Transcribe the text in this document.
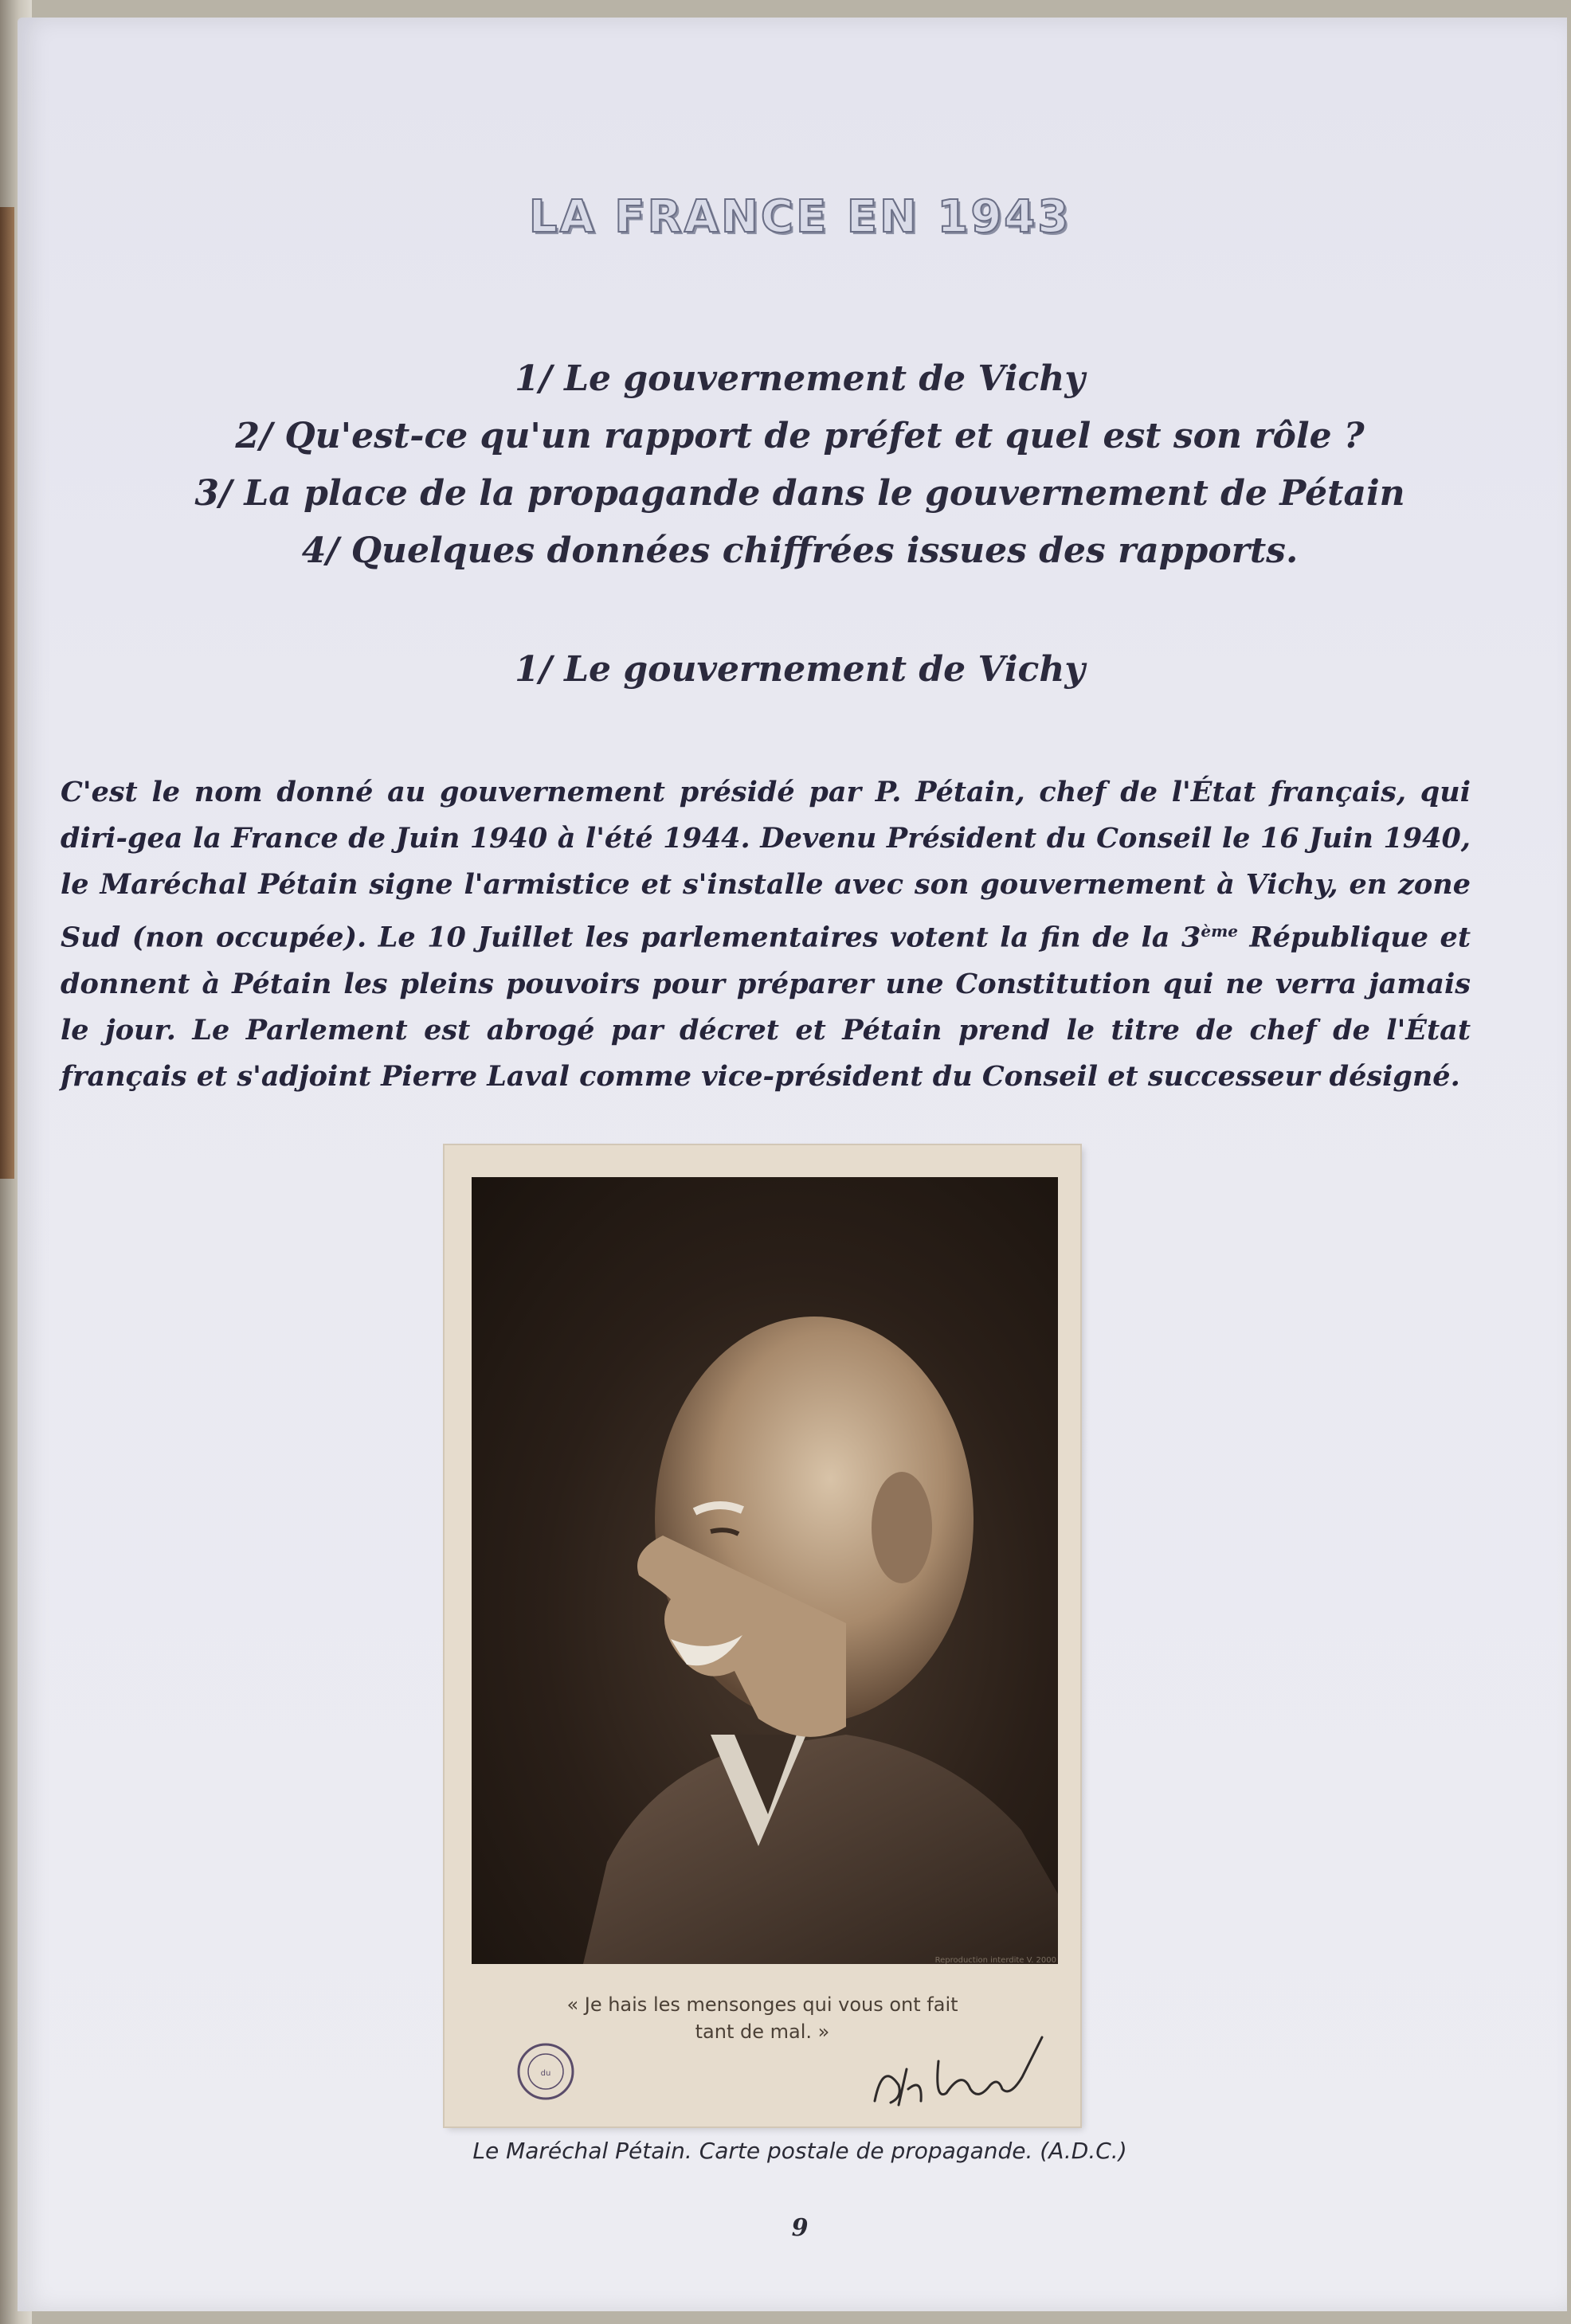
LA FRANCE EN 1943
1/ Le gouvernement de Vichy
2/ Qu'est-ce qu'un rapport de préfet et quel est son rôle ?
3/ La place de la propagande dans le gouvernement de Pétain
4/ Quelques données chiffrées issues des rapports.
1/ Le gouvernement de Vichy
C'est le nom donné au gouvernement présidé par P. Pétain, chef de l'État français, qui diri-gea la France de Juin 1940 à l'été 1944. Devenu Président du Conseil le 16 Juin 1940, le Maréchal Pétain signe l'armistice et s'installe avec son gouvernement à Vichy, en zone Sud (non occupée). Le 10 Juillet les parlementaires votent la fin de la 3ème République et donnent à Pétain les pleins pouvoirs pour préparer une Constitution qui ne verra jamais le jour. Le Parlement est abrogé par décret et Pétain prend le titre de chef de l'État français et s'adjoint Pierre Laval comme vice-président du Conseil et successeur désigné.
Reproduction interdite V. 2000
« Je hais les mensonges qui vous ont fait
tant de mal. »
du
Le Maréchal Pétain. Carte postale de propagande. (A.D.C.)
9
